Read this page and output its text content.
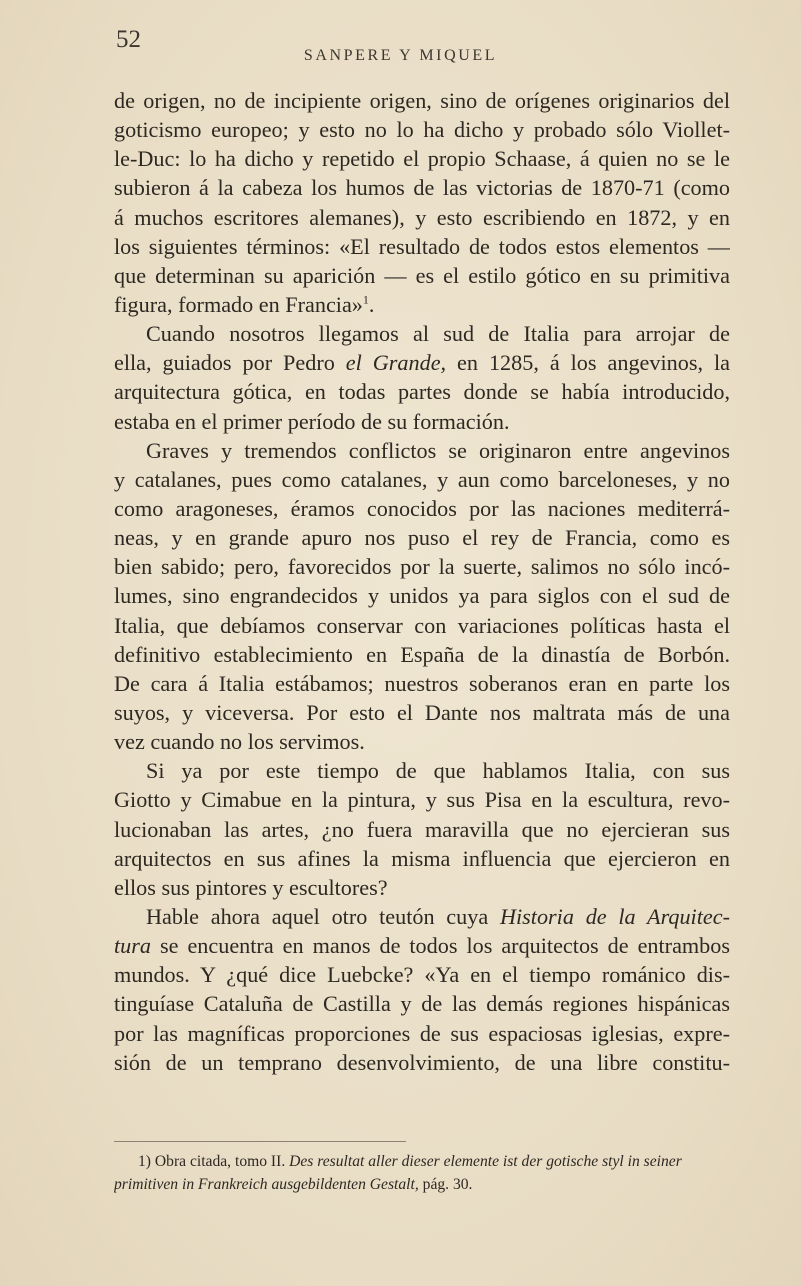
52
SANPERE Y MIQUEL
de origen, no de incipiente origen, sino de orígenes originarios del
goticismo europeo; y esto no lo ha dicho y probado sólo Viollet-
le-Duc: lo ha dicho y repetido el propio Schaase, á quien no se le
subieron á la cabeza los humos de las victorias de 1870-71 (como
á muchos escritores alemanes), y esto escribiendo en 1872, y en
los siguientes términos: «El resultado de todos estos elementos —
que determinan su aparición — es el estilo gótico en su primitiva
figura, formado en Francia»$^1$.
Cuando nosotros llegamos al sud de Italia para arrojar de
ella, guiados por Pedro el Grande, en 1285, á los angevinos, la
arquitectura gótica, en todas partes donde se había introducido,
estaba en el primer período de su formación.
Graves y tremendos conflictos se originaron entre angevinos
y catalanes, pues como catalanes, y aun como barceloneses, y no
como aragoneses, éramos conocidos por las naciones mediterrá-
neas, y en grande apuro nos puso el rey de Francia, como es
bien sabido; pero, favorecidos por la suerte, salimos no sólo incó-
lumes, sino engrandecidos y unidos ya para siglos con el sud de
Italia, que debíamos conservar con variaciones políticas hasta el
definitivo establecimiento en España de la dinastía de Borbón.
De cara á Italia estábamos; nuestros soberanos eran en parte los
suyos, y viceversa. Por esto el Dante nos maltrata más de una
vez cuando no los servimos.
Si ya por este tiempo de que hablamos Italia, con sus
Giotto y Cimabue en la pintura, y sus Pisa en la escultura, revo-
lucionaban las artes, ¿no fuera maravilla que no ejercieran sus
arquitectos en sus afines la misma influencia que ejercieron en
ellos sus pintores y escultores?
Hable ahora aquel otro teutón cuya Historia de la Arquitec-
tura se encuentra en manos de todos los arquitectos de entrambos
mundos. Y ¿qué dice Luebcke? «Ya en el tiempo románico dis-
tinguíase Cataluña de Castilla y de las demás regiones hispánicas
por las magníficas proporciones de sus espaciosas iglesias, expre-
sión de un temprano desenvolvimiento, de una libre constitu-
1) Obra citada, tomo II. Des resultat aller dieser elemente ist der gotische styl in seiner
primitiven in Frankreich ausgebildenten Gestalt, pág. 30.
